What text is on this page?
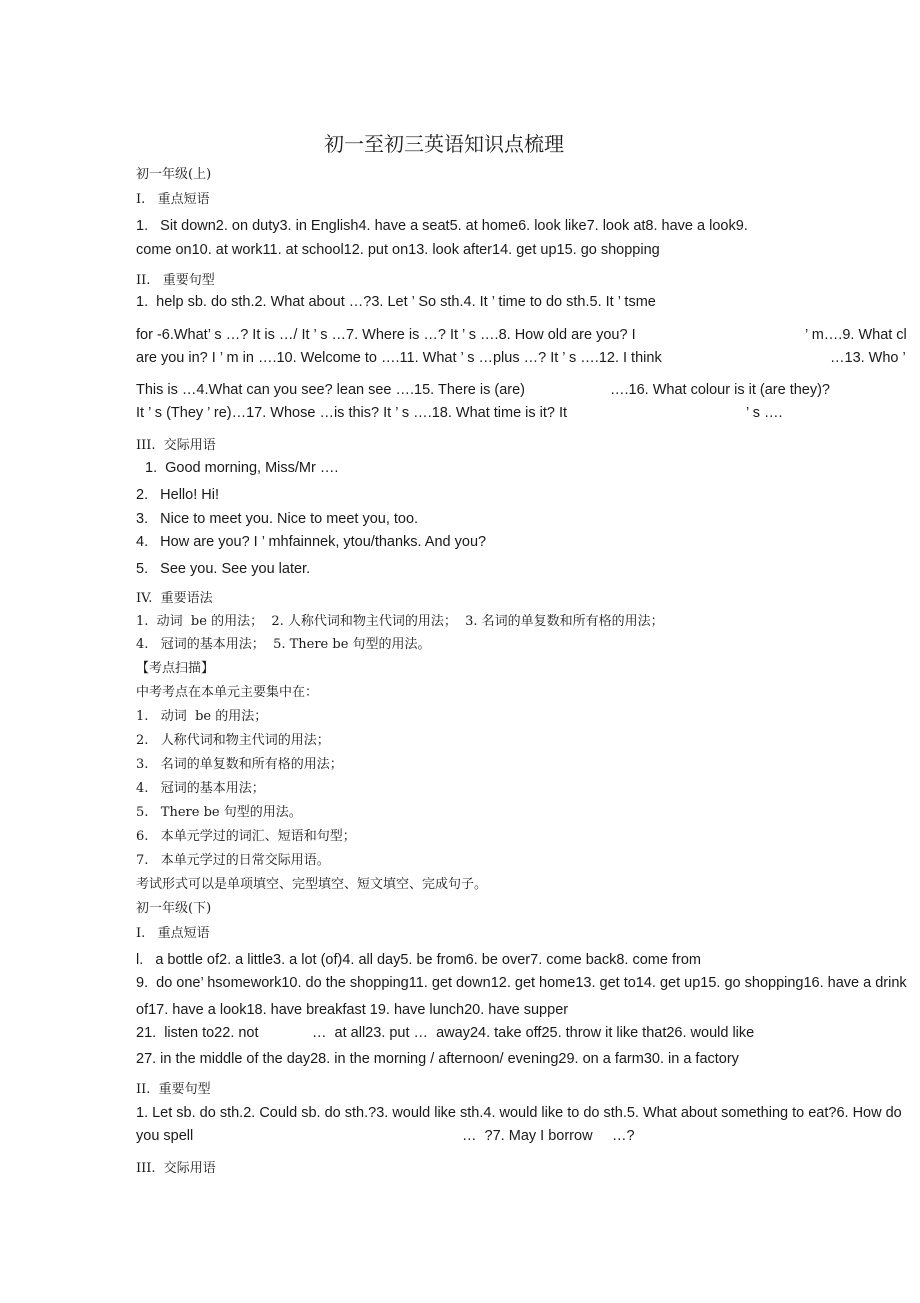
初一至初三英语知识点梳理
初一年级(上)
I.   重点短语
1.   Sit down2. on duty3. in English4. have a seat5. at home6. look like7. look at8. have a look9.
come on10. at work11. at school12. put on13. look after14. get up15. go shopping
II.   重要句型
1.  help sb. do sth.2. What about …?3. Let ’ So sth.4. It ’ time to do sth.5. It ’ tsme
for -6.What’ s …? It is …/ It ’ s …7. Where is …? It ’ s ….8. How old are you? I	’ m….9. What cl
are you in? I ’ m in ….10. Welcome to ….11. What ’ s …plus …? It ’ s ….12. I think	…13. Who ’
This is …4.What can you see? lean see ….15. There is (are)	….16. What colour is it (are they)?
It ’ s (They ’ re)…17. Whose …is this? It ’ s ….18. What time is it? It	’ s ….
III.  交际用语
1.  Good morning, Miss/Mr ….
2.   Hello! Hi!
3.   Nice to meet you. Nice to meet you, too.
4.   How are you? I ’ mhfainnek, ytou/thanks. And you?
5.   See you. See you later.
IV.  重要语法
1.  动词  be 的用法；  2. 人称代词和物主代词的用法；  3. 名词的单复数和所有格的用法；
4.   冠词的基本用法；  5. There be 句型的用法。
【考点扫描】
中考考点在本单元主要集中在：
1.   动词  be 的用法；
2.   人称代词和物主代词的用法；
3.   名词的单复数和所有格的用法；
4.   冠词的基本用法；
5.   There be 句型的用法。
6.   本单元学过的词汇、短语和句型；
7.   本单元学过的日常交际用语。
考试形式可以是单项填空、完型填空、短文填空、完成句子。
初一年级(下)
I.   重点短语
l.   a bottle of2. a little3. a lot (of)4. all day5. be from6. be over7. come back8. come from
9.  do one’ hsomework10. do the shopping11. get down12. get home13. get to14. get up15. go shopping16. have a drink
of17. have a look18. have breakfast 19. have lunch20. have supper
21.  listen to22. not	…  at all23. put …  away24. take off25. throw it like that26. would like
27. in the middle of the day28. in the morning / afternoon/ evening29. on a farm30. in a factory
II.  重要句型
1. Let sb. do sth.2. Could sb. do sth.?3. would like sth.4. would like to do sth.5. What about something to eat?6. How do
you spell	…  ?7. May I borrow …?
III.  交际用语
